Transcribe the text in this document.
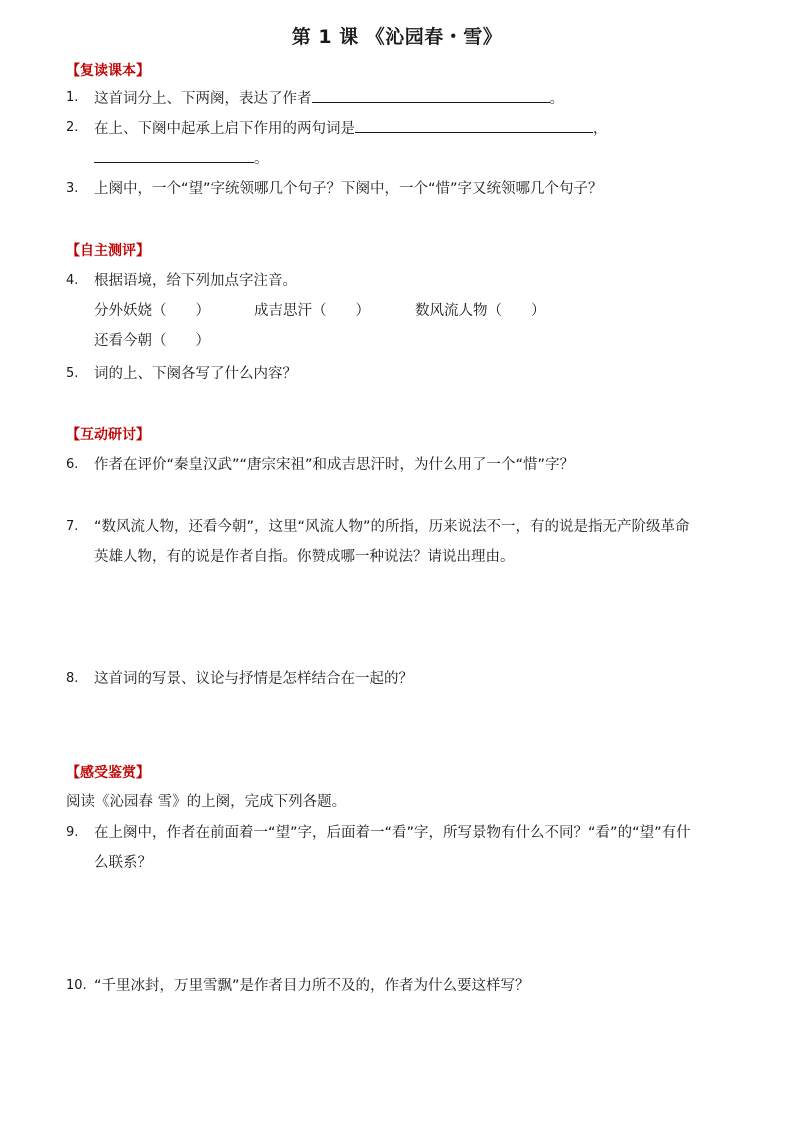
第 1 课 《沁园春・雪》
【复读课本】
1.	这首词分上、下两阕，表达了作者	。
2.	在上、下阕中起承上启下作用的两句词是	，
。
3.	上阕中，一个“望”字统领哪几个句子？下阕中，一个“惜”字又统领哪几个句子？
【自主测评】
4.	根据语境，给下列加点字注音。
分外妖娆（　　）	成吉思汗（　　）	数风流人物（　　）
还看今朝（　　）
5.	词的上、下阕各写了什么内容？
【互动研讨】
6.	作者在评价“秦皇汉武”“唐宗宋祖”和成吉思汗时，为什么用了一个“惜”字？
7.	“数风流人物，还看今朝”，这里“风流人物”的所指，历来说法不一，有的说是指无产阶级革命
英雄人物，有的说是作者自指。你赞成哪一种说法？请说出理由。
8.	这首词的写景、议论与抒情是怎样结合在一起的？
【感受鉴赏】
阅读《沁园春 雪》的上阕，完成下列各题。
9.	在上阕中，作者在前面着一“望”字，后面着一“看”字，所写景物有什么不同？“看”的“望”有什
么联系？
10. “千里冰封，万里雪飘”是作者目力所不及的，作者为什么要这样写？
